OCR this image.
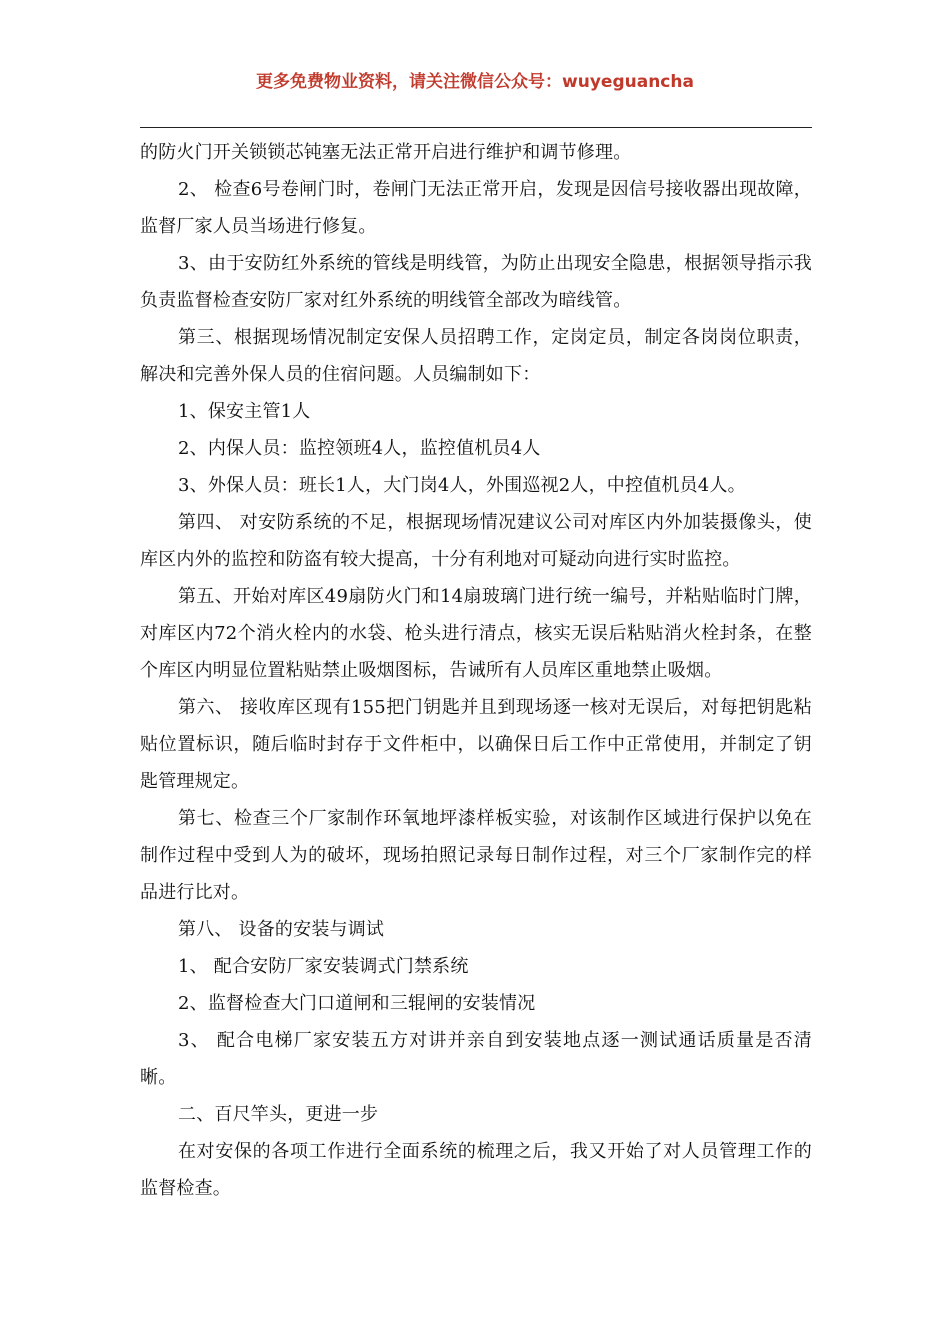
更多免费物业资料，请关注微信公众号：wuyeguancha

的防火门开关锁锁芯钝塞无法正常开启进行维护和调节修理。

2、 检查6号卷闸门时，卷闸门无法正常开启，发现是因信号接收器出现故障，监督厂家人员当场进行修复。

3、由于安防红外系统的管线是明线管，为防止出现安全隐患，根据领导指示我负责监督检查安防厂家对红外系统的明线管全部改为暗线管。

第三、根据现场情况制定安保人员招聘工作，定岗定员，制定各岗岗位职责，解决和完善外保人员的住宿问题。人员编制如下：

1、保安主管1人

2、内保人员：监控领班4人，监控值机员4人

3、外保人员：班长1人，大门岗4人，外围巡视2人，中控值机员4人。

第四、 对安防系统的不足，根据现场情况建议公司对库区内外加装摄像头，使库区内外的监控和防盗有较大提高，十分有利地对可疑动向进行实时监控。

第五、开始对库区49扇防火门和14扇玻璃门进行统一编号，并粘贴临时门牌，对库区内72个消火栓内的水袋、枪头进行清点，核实无误后粘贴消火栓封条，在整个库区内明显位置粘贴禁止吸烟图标，告诫所有人员库区重地禁止吸烟。

第六、 接收库区现有155把门钥匙并且到现场逐一核对无误后，对每把钥匙粘贴位置标识，随后临时封存于文件柜中，以确保日后工作中正常使用，并制定了钥匙管理规定。

第七、检查三个厂家制作环氧地坪漆样板实验，对该制作区域进行保护以免在制作过程中受到人为的破坏，现场拍照记录每日制作过程，对三个厂家制作完的样品进行比对。

第八、 设备的安装与调试

1、 配合安防厂家安装调式门禁系统

2、监督检查大门口道闸和三辊闸的安装情况

3、 配合电梯厂家安装五方对讲并亲自到安装地点逐一测试通话质量是否清晰。

二、百尺竿头，更进一步

在对安保的各项工作进行全面系统的梳理之后，我又开始了对人员管理工作的监督检查。
